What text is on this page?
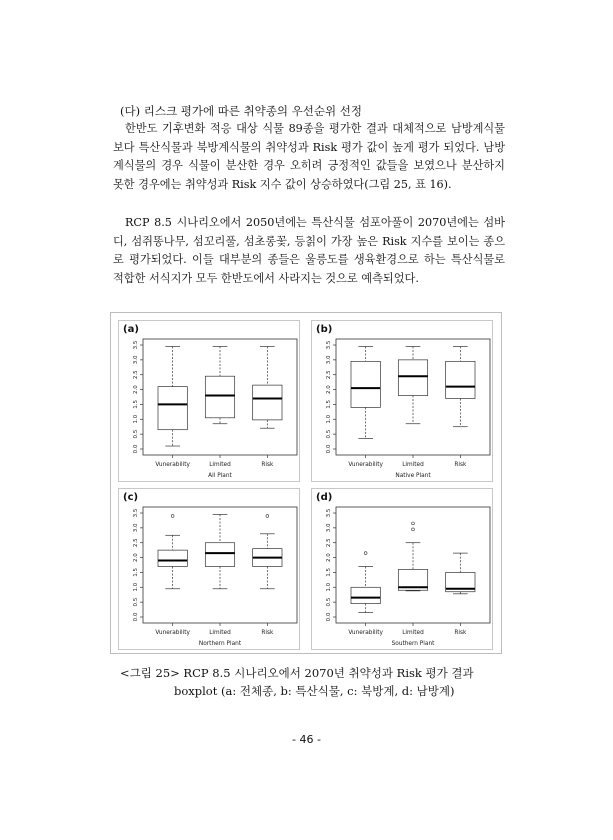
(다) 리스크 평가에 따른 취약종의 우선순위 선정

한반도 기후변화 적응 대상 식물 89종을 평가한 결과 대체적으로 남방계식물 보다 특산식물과 북방계식물의 취약성과 Risk 평가 값이 높게 평가 되었다. 남방계식물의 경우 식물이 분산한 경우 오히려 긍정적인 값들을 보였으나 분산하지 못한 경우에는 취약성과 Risk 지수 값이 상승하였다(그림 25, 표 16).

RCP 8.5 시나리오에서 2050년에는 특산식물 섬포아풀이 2070년에는 섬바디, 섬쥐똥나무, 섬꼬리풀, 섬초롱꽃, 등칡이 가장 높은 Risk 지수를 보이는 종으로 평가되었다. 이들 대부분의 종들은 울릉도를 생육환경으로 하는 특산식물로 적합한 서식지가 모두 한반도에서 사라지는 것으로 예측되었다.

0.0
0.5
1.0
1.5
2.0
2.5
3.0
3.5
Vunerability	Limited	Risk
All Plant
(a)
0.0
0.5
1.0
1.5
2.0
2.5
3.0
3.5
Vunerability	Limited	Risk
Native Plant
(b)
0.0
0.5
1.0
1.5
2.0
2.5
3.0
3.5
Vunerability	Limited	Risk
Northern Plant
(c)
0.0
0.5
1.0
1.5
2.0
2.5
3.0
3.5
Vunerability	Limited	Risk
Southern Plant
(d)
<그림 25> RCP 8.5 시나리오에서 2070년 취약성과 Risk 평가 결과
boxplot (a: 전체종, b: 특산식물, c: 북방계, d: 남방계)
- 46 -
